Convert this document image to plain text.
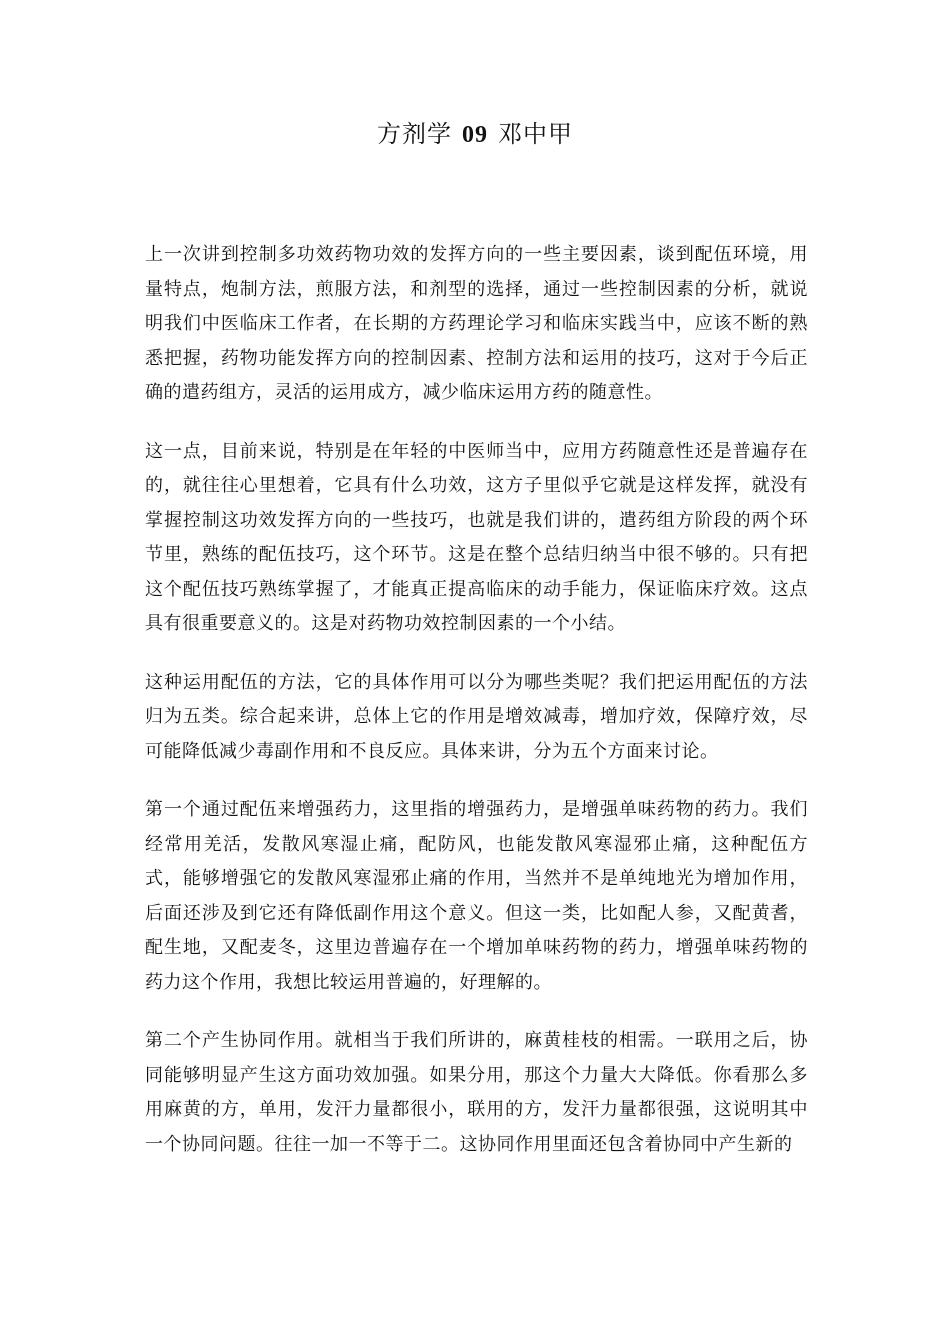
方剂学 09 邓中甲

上一次讲到控制多功效药物功效的发挥方向的一些主要因素，谈到配伍环境，用量特点，炮制方法，煎服方法，和剂型的选择，通过一些控制因素的分析，就说明我们中医临床工作者，在长期的方药理论学习和临床实践当中，应该不断的熟悉把握，药物功能发挥方向的控制因素、控制方法和运用的技巧，这对于今后正确的遣药组方，灵活的运用成方，减少临床运用方药的随意性。

这一点，目前来说，特别是在年轻的中医师当中，应用方药随意性还是普遍存在的，就往往心里想着，它具有什么功效，这方子里似乎它就是这样发挥，就没有掌握控制这功效发挥方向的一些技巧，也就是我们讲的，遣药组方阶段的两个环节里，熟练的配伍技巧，这个环节。这是在整个总结归纳当中很不够的。只有把这个配伍技巧熟练掌握了，才能真正提高临床的动手能力，保证临床疗效。这点具有很重要意义的。这是对药物功效控制因素的一个小结。

这种运用配伍的方法，它的具体作用可以分为哪些类呢？我们把运用配伍的方法归为五类。综合起来讲，总体上它的作用是增效减毒，增加疗效，保障疗效，尽可能降低减少毒副作用和不良反应。具体来讲，分为五个方面来讨论。

第一个通过配伍来增强药力，这里指的增强药力，是增强单味药物的药力。我们经常用羌活，发散风寒湿止痛，配防风，也能发散风寒湿邪止痛，这种配伍方式，能够增强它的发散风寒湿邪止痛的作用，当然并不是单纯地光为增加作用，后面还涉及到它还有降低副作用这个意义。但这一类，比如配人参，又配黄耆，配生地，又配麦冬，这里边普遍存在一个增加单味药物的药力，增强单味药物的药力这个作用，我想比较运用普遍的，好理解的。

第二个产生协同作用。就相当于我们所讲的，麻黄桂枝的相需。一联用之后，协同能够明显产生这方面功效加强。如果分用，那这个力量大大降低。你看那么多用麻黄的方，单用，发汗力量都很小，联用的方，发汗力量都很强，这说明其中一个协同问题。往往一加一不等于二。这协同作用里面还包含着协同中产生新的
